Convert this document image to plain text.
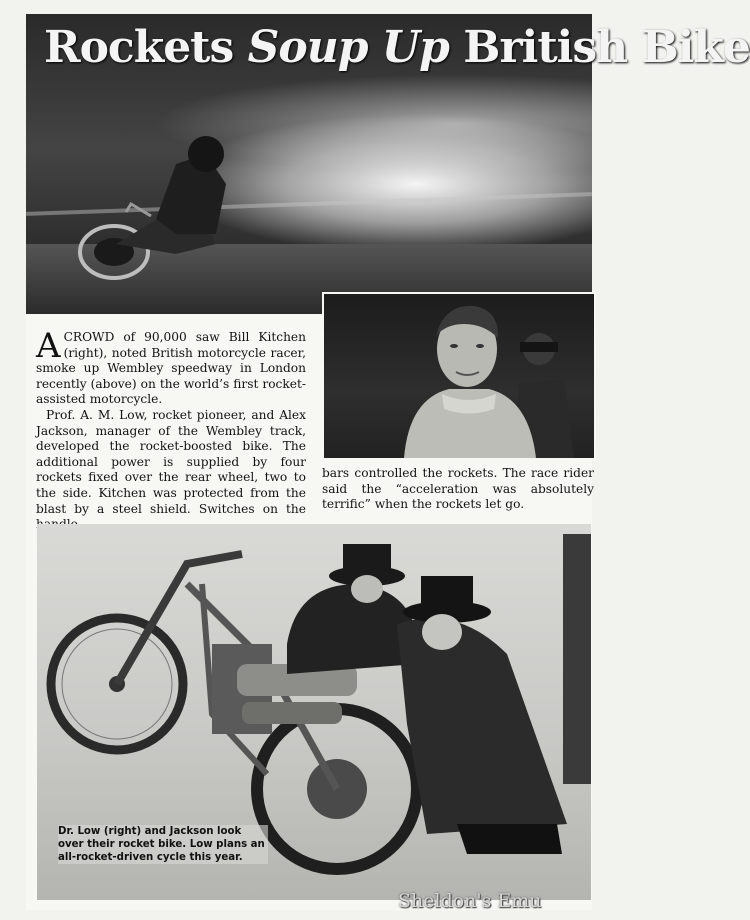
Rockets Soup Up British Bike

ACROWD of 90,000 saw Bill Kitchen (right), noted British motorcycle racer, smoke up Wembley speedway in London recently (above) on the world’s first rocket-assisted motorcycle.

Prof. A. M. Low, rocket pioneer, and Alex Jackson, manager of the Wembley track, developed the rocket-boosted bike. The additional power is supplied by four rockets fixed over the rear wheel, two to the side. Kitchen was protected from the blast by a steel shield. Switches on the

bars controlled the rockets. The race rider said the “acceleration was absolutely terrific” when the rockets let go.

Dr. Low (right) and Jackson look over their rocket bike. Low plans an all-rocket-driven cycle this year.
Sheldon's Emu
